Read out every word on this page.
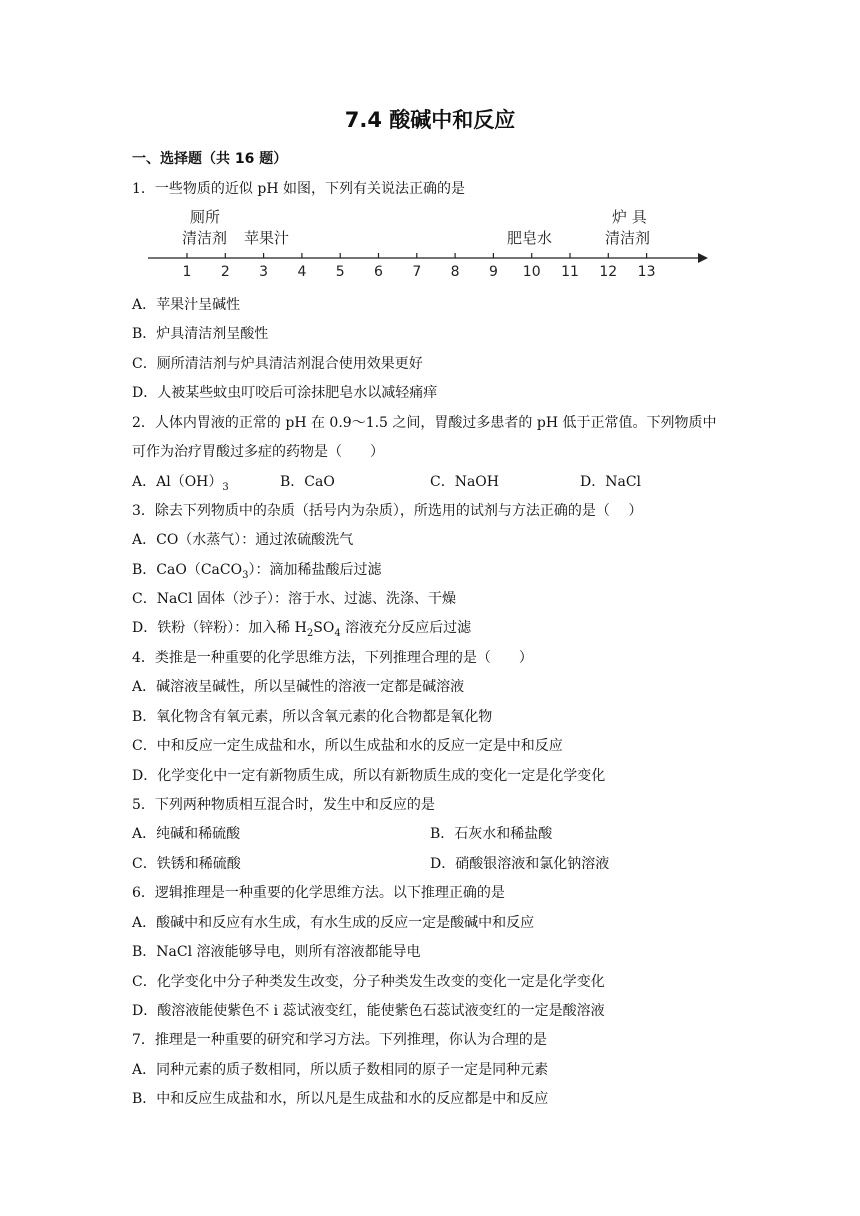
7.4 酸碱中和反应
一、选择题（共 16 题）
1．一些物质的近似 pH 如图，下列有关说法正确的是
厕所
清洁剂 苹果汁	肥皂水
炉 具
清洁剂
1 2 3 4 5 6 7 8 9 10 11 12 13
A．苹果汁呈碱性
B．炉具清洁剂呈酸性
C．厕所清洁剂与炉具清洁剂混合使用效果更好
D．人被某些蚊虫叮咬后可涂抹肥皂水以减轻痛痒
2．人体内胃液的正常的 pH 在 0.9～1.5 之间，胃酸过多患者的 pH 低于正常值。下列物质中
可作为治疗胃酸过多症的药物是（　　）
A．$Al(OH)_3$	B．CaO	C．NaOH	D．NaCl
3．除去下列物质中的杂质（括号内为杂质），所选用的试剂与方法正确的是（　 ）
A．CO（水蒸气）：通过浓硫酸洗气
B．CaO（CaCO$_3$）：滴加稀盐酸后过滤
C．NaCl 固体（沙子）：溶于水、过滤、洗涤、干燥
D．铁粉（锌粉）：加入稀 $H_2SO_4$ 溶液充分反应后过滤
4．类推是一种重要的化学思维方法，下列推理合理的是（　　）
A．碱溶液呈碱性，所以呈碱性的溶液一定都是碱溶液
B．氧化物含有氧元素，所以含氧元素的化合物都是氧化物
C．中和反应一定生成盐和水，所以生成盐和水的反应一定是中和反应
D．化学变化中一定有新物质生成，所以有新物质生成的变化一定是化学变化
5．下列两种物质相互混合时，发生中和反应的是
A．纯碱和稀硫酸	B．石灰水和稀盐酸
C．铁锈和稀硫酸	D．硝酸银溶液和氯化钠溶液
6．逻辑推理是一种重要的化学思维方法。以下推理正确的是
A．酸碱中和反应有水生成，有水生成的反应一定是酸碱中和反应
B．NaCl 溶液能够导电，则所有溶液都能导电
C．化学变化中分子种类发生改变，分子种类发生改变的变化一定是化学变化
D．酸溶液能使紫色不 i 蕊试液变红，能使紫色石蕊试液变红的一定是酸溶液
7．推理是一种重要的研究和学习方法。下列推理，你认为合理的是
A．同种元素的质子数相同，所以质子数相同的原子一定是同种元素
B．中和反应生成盐和水，所以凡是生成盐和水的反应都是中和反应
